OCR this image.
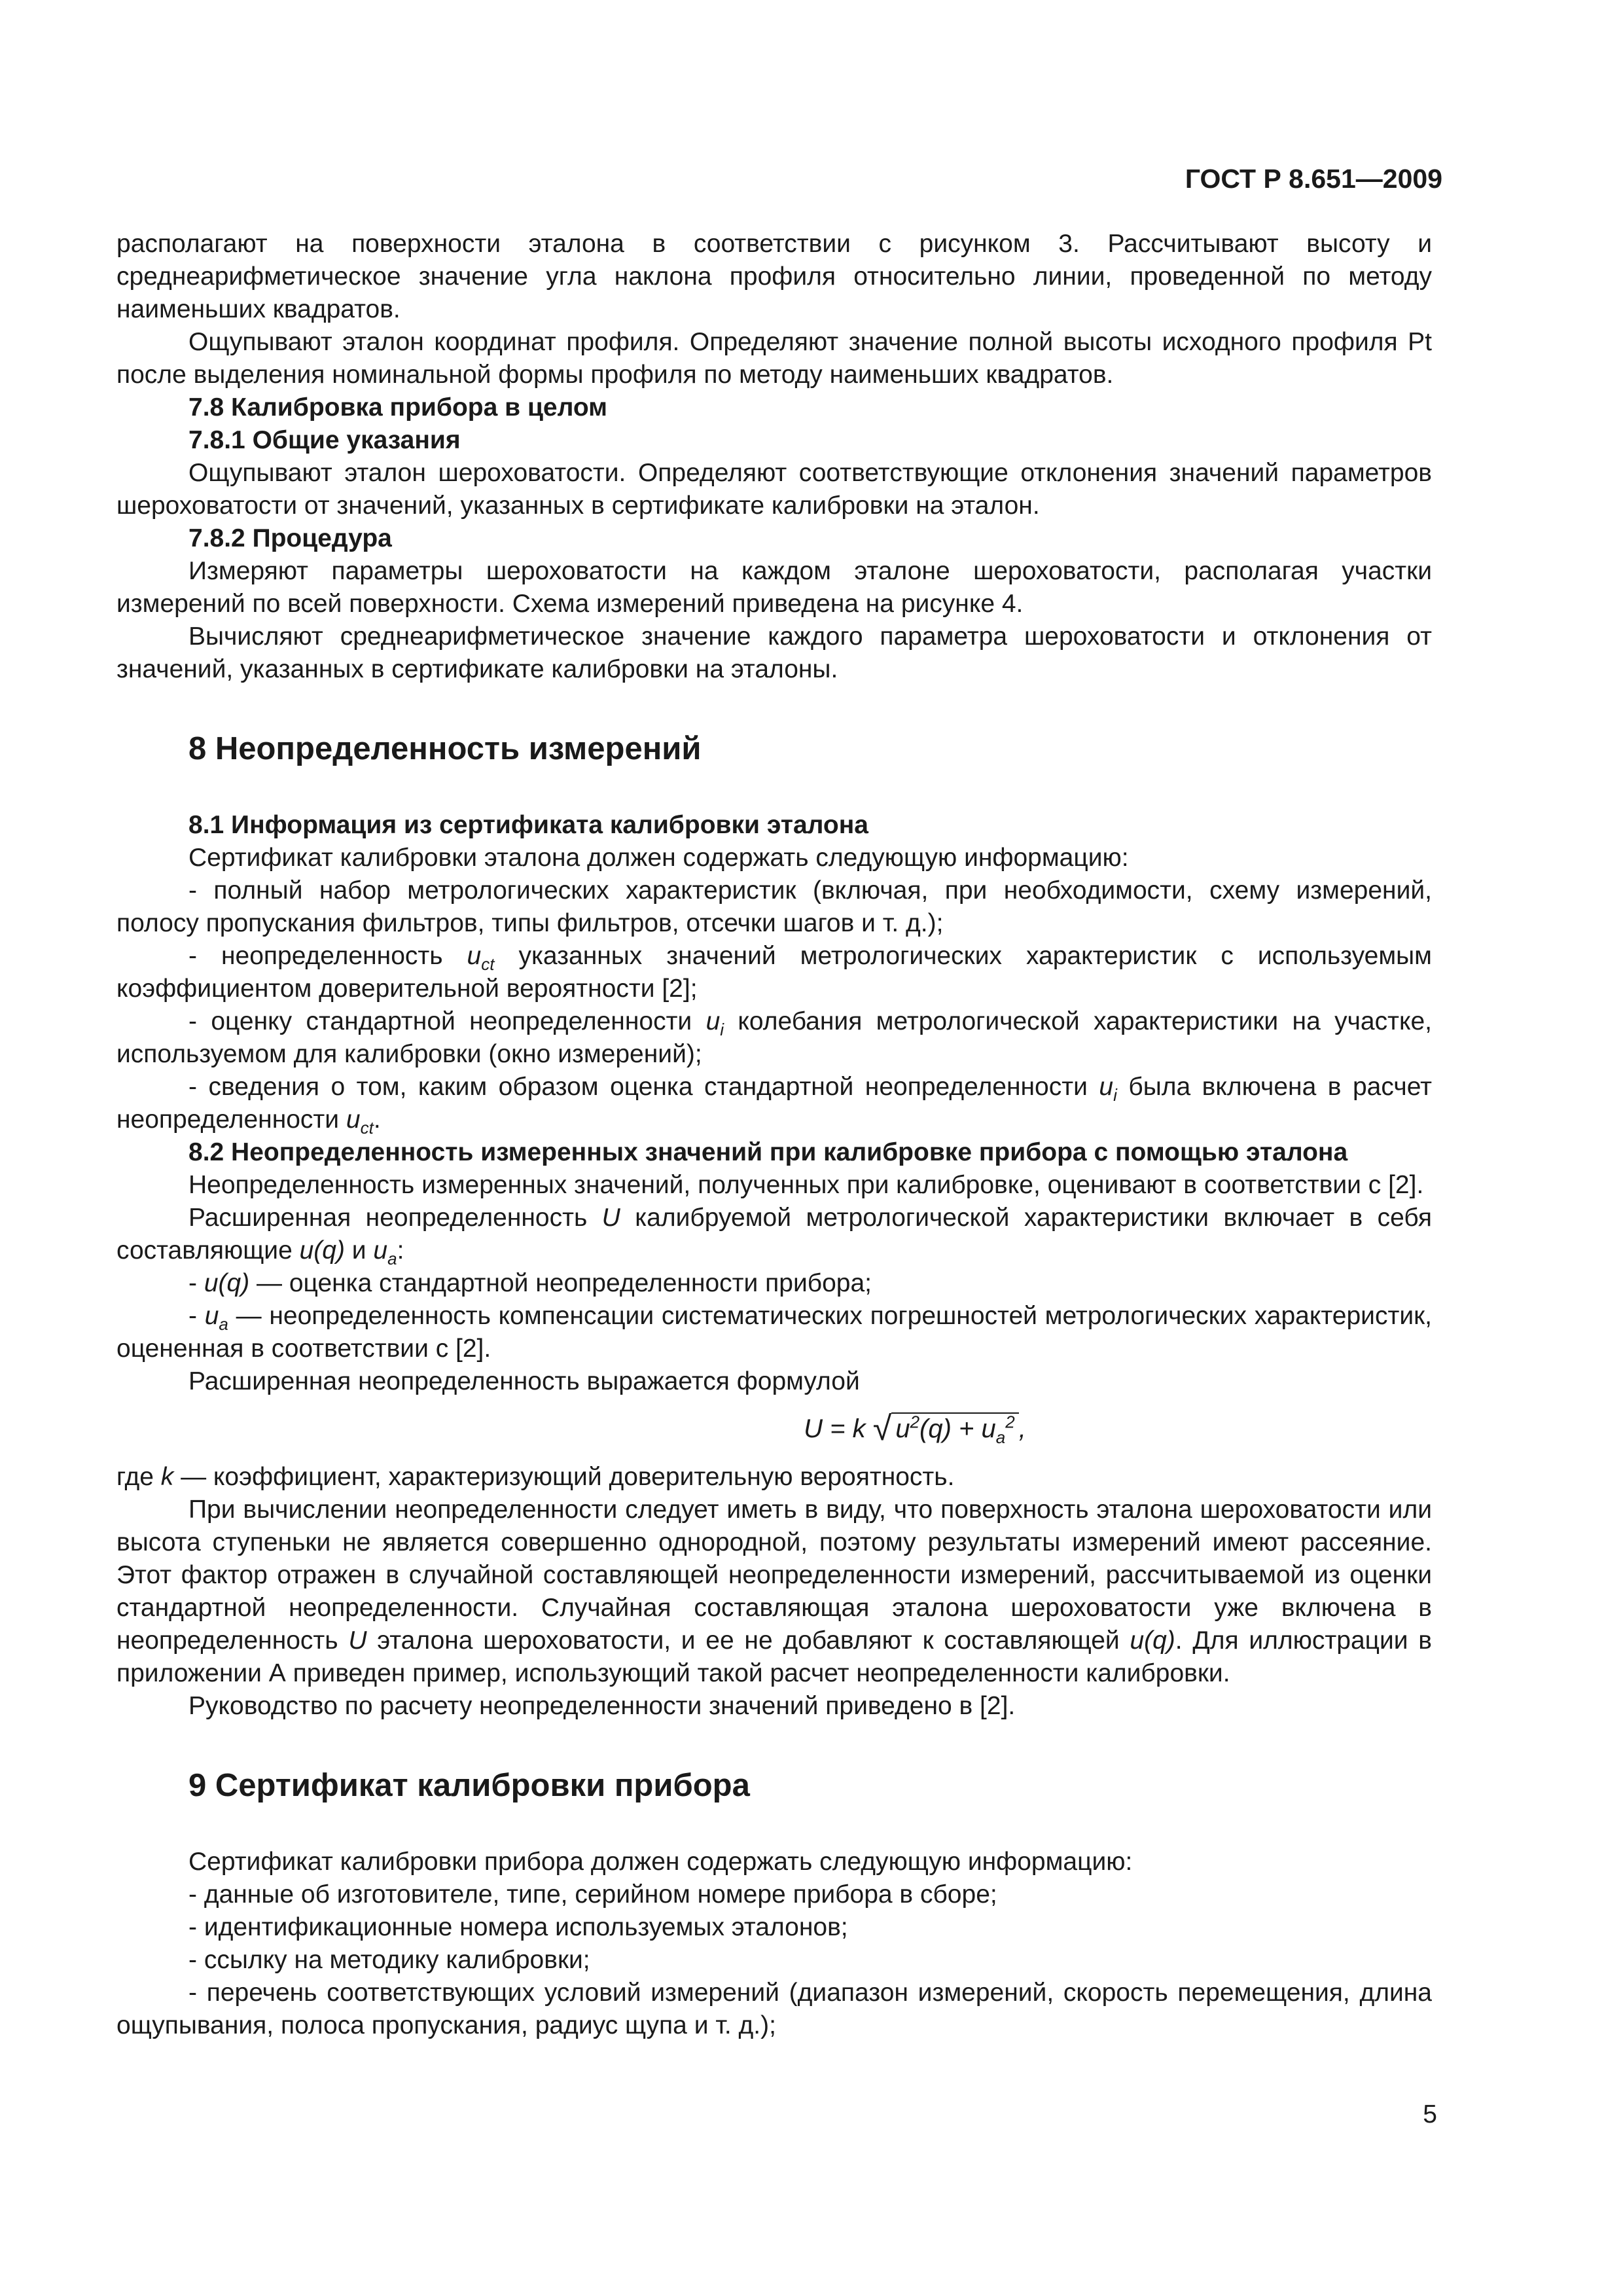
ГОСТ Р 8.651—2009

располагают на поверхности эталона в соответствии с рисунком 3. Рассчитывают высоту и среднеарифметическое значение угла наклона профиля относительно линии, проведенной по методу наименьших квадратов.

Ощупывают эталон координат профиля. Определяют значение полной высоты исходного профиля Pt после выделения номинальной формы профиля по методу наименьших квадратов.

7.8 Калибровка прибора в целом

7.8.1 Общие указания

Ощупывают эталон шероховатости. Определяют соответствующие отклонения значений параметров шероховатости от значений, указанных в сертификате калибровки на эталон.

7.8.2 Процедура

Измеряют параметры шероховатости на каждом эталоне шероховатости, располагая участки измерений по всей поверхности. Схема измерений приведена на рисунке 4.

Вычисляют среднеарифметическое значение каждого параметра шероховатости и отклонения от значений, указанных в сертификате калибровки на эталоны.

8 Неопределенность измерений

8.1 Информация из сертификата калибровки эталона

Сертификат калибровки эталона должен содержать следующую информацию:

- полный набор метрологических характеристик (включая, при необходимости, схему измерений, полосу пропускания фильтров, типы фильтров, отсечки шагов и т. д.);

- неопределенность $u_{ct}$ указанных значений метрологических характеристик с используемым коэффициентом доверительной вероятности [2];

- оценку стандартной неопределенности $u_i$ колебания метрологической характеристики на участке, используемом для калибровки (окно измерений);

- сведения о том, каким образом оценка стандартной неопределенности $u_i$ была включена в расчет неопределенности $u_{ct}$.

8.2 Неопределенность измеренных значений при калибровке прибора с помощью эталона

Неопределенность измеренных значений, полученных при калибровке, оценивают в соответствии с [2].

Расширенная неопределенность U калибруемой метрологической характеристики включает в себя составляющие u(q) и $u_a$:

- u(q) — оценка стандартной неопределенности прибора;

- $u_a$ — неопределенность компенсации систематических погрешностей метрологических характеристик, оцененная в соответствии с [2].

Расширенная неопределенность выражается формулой

U = k √ $u^2(q) + u_a^2$ ,

где k — коэффициент, характеризующий доверительную вероятность.

При вычислении неопределенности следует иметь в виду, что поверхность эталона шероховатости или высота ступеньки не является совершенно однородной, поэтому результаты измерений имеют рассеяние. Этот фактор отражен в случайной составляющей неопределенности измерений, рассчитываемой из оценки стандартной неопределенности. Случайная составляющая эталона шероховатости уже включена в неопределенность U эталона шероховатости, и ее не добавляют к составляющей u(q). Для иллюстрации в приложении А приведен пример, использующий такой расчет неопределенности калибровки.

Руководство по расчету неопределенности значений приведено в [2].

9 Сертификат калибровки прибора

Сертификат калибровки прибора должен содержать следующую информацию:

- данные об изготовителе, типе, серийном номере прибора в сборе;

- идентификационные номера используемых эталонов;

- ссылку на методику калибровки;

- перечень соответствующих условий измерений (диапазон измерений, скорость перемещения, длина ощупывания, полоса пропускания, радиус щупа и т. д.);

5
